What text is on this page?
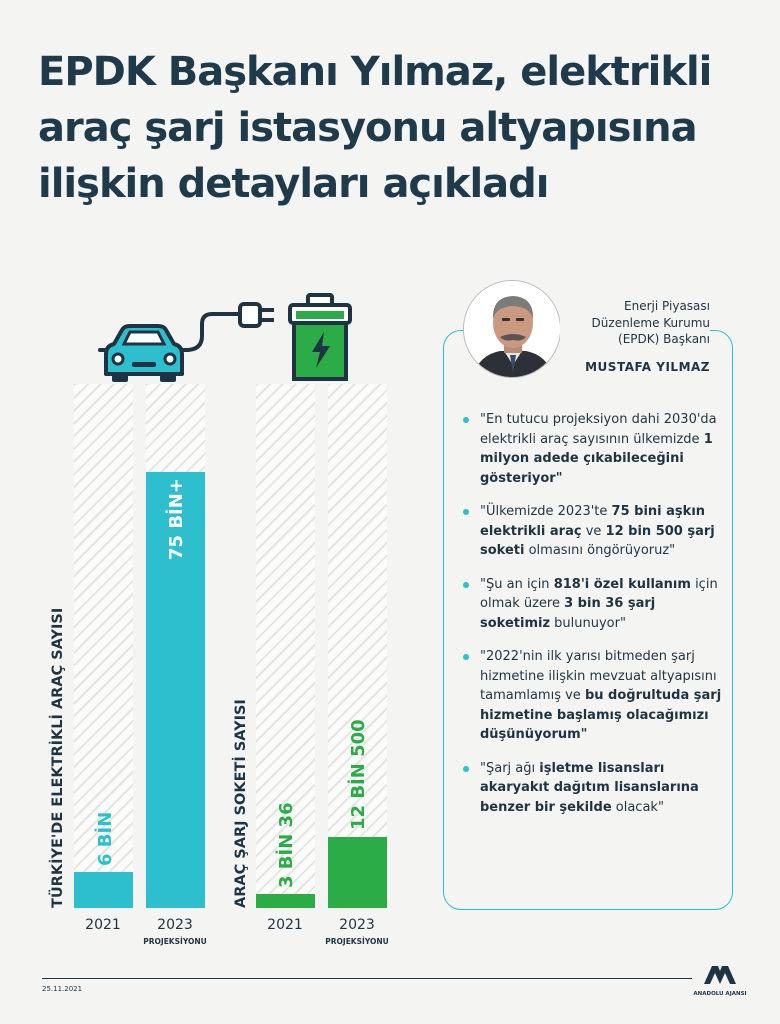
EPDK Başkanı Yılmaz, elektrikli araç şarj istasyonu altyapısına ilişkin detayları açıkladı
6 BİN
75 BİN+
3 BİN 36
12 BİN 500
TÜRKİYE'DE ELEKTRİKLİ ARAÇ SAYISI	ARAÇ ŞARJ SOKETİ SAYISI
2021	2023
PROJEKSİYONU
2021	2023
PROJEKSİYONU
Enerji Piyasası Düzenleme Kurumu (EPDK) Başkanı
MUSTAFA YILMAZ
"En tutucu projeksiyon dahi 2030'da elektrikli araç sayısının ülkemizde 1 milyon adede çıkabileceğini gösteriyor"
"Ülkemizde 2023'te 75 bini aşkın elektrikli araç ve 12 bin 500 şarj soketi olmasını öngörüyoruz"
"Şu an için 818'i özel kullanım için olmak üzere 3 bin 36 şarj soketimiz bulunuyor"
"2022'nin ilk yarısı bitmeden şarj hizmetine ilişkin mevzuat altyapısını tamamlamış ve bu doğrultuda şarj hizmetine başlamış olacağımızı düşünüyorum"
"Şarj ağı işletme lisansları akaryakıt dağıtım lisanslarına benzer bir şekilde olacak"
25.11.2021
ANADOLU AJANSI
